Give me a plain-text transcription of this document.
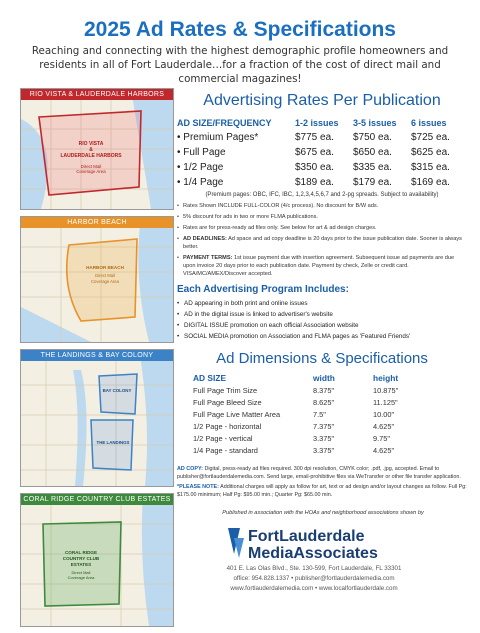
2025 Ad Rates & Specifications
Reaching and connecting with the highest demographic profile homeowners and residents in all of Fort Lauderdale…for a fraction of the cost of direct mail and commercial magazines!
RIO VISTA
&
LAUDERDALE HARBORS
Direct Mail
Coverage Area
RIO VISTA & LAUDERDALE HARBORS
HARBOR BEACH
Direct Mail
Coverage Area
HARBOR BEACH
BAY COLONY
THE LANDINGS
THE LANDINGS & BAY COLONY
CORAL RIDGE
COUNTRY CLUB
ESTATES
Direct Mail
Coverage Area
CORAL RIDGE COUNTRY CLUB ESTATES
Advertising Rates Per Publication
AD SIZE/FREQUENCY	1-2 issues	3-5 issues	6 issues
• Premium Pages*	$775 ea.	$750 ea.	$725 ea.
• Full Page	$675 ea.	$650 ea.	$625 ea.
• 1/2 Page	$350 ea.	$335 ea.	$315 ea.
• 1/4 Page	$189 ea.	$179 ea.	$169 ea.
(Premium pages: OBC, IFC, IBC, 1,2,3,4,5,6,7 and 2-pg spreads. Subject to availability)
• Rates Shown INCLUDE FULL-COLOR (4/c process). No discount for B/W ads.
• 5% discount for ads in two or more FLMA publications.
• Rates are for press-ready ad files only. See below for art & ad design charges.
• AD DEADLINES: Ad space and ad copy deadline is 20 days prior to the issue publication date. Sooner is always better.
• PAYMENT TERMS: 1st issue payment due with insertion agreement. Subsequent issue ad payments are due upon invoice 20 days prior to each publication date. Payment by check, Zelle or credit card. VISA/MC/AMEX/Discover accepted.
Each Advertising Program Includes:
• AD appearing in both print and online issues
• AD in the digital issue is linked to advertiser's website
• DIGITAL ISSUE promotion on each official Association website
• SOCIAL MEDIA promotion on Association and FLMA pages as 'Featured Friends'
Ad Dimensions & Specifications
AD SIZE	width	height
Full Page Trim Size	8.375"	10.875"
Full Page Bleed Size	8.625"	11.125"
Full Page Live Matter Area	7.5"	10.00"
1/2 Page - horizontal	7.375"	4.625"
1/2 Page - vertical	3.375"	9.75"
1/4 Page - standard	3.375"	4.625"
AD COPY: Digital, press-ready ad files required. 300 dpi resolution, CMYK color; .pdf, .jpg, accepted. Email to publisher@fortlauderdalemedia.com. Send large, email-prohibitive files via WeTransfer or other file transfer application.
*PLEASE NOTE: Additional charges will apply as follow for art, text or ad design and/or layout changes as follow. Full Pg: $175.00 minimum; Half Pg: $95.00 min.; Quarter Pg: $65.00 min.
Published in association with the HOAs and neighborhood associations shown by
FortLauderdale
MediaAssociates
401 E. Las Olas Blvd., Ste. 130-599, Fort Lauderdale, FL 33301
office: 954.828.1337 • publisher@fortlauderdalemedia.com
www.fortlauderdalemedia.com • www.localfortlauderdale.com
